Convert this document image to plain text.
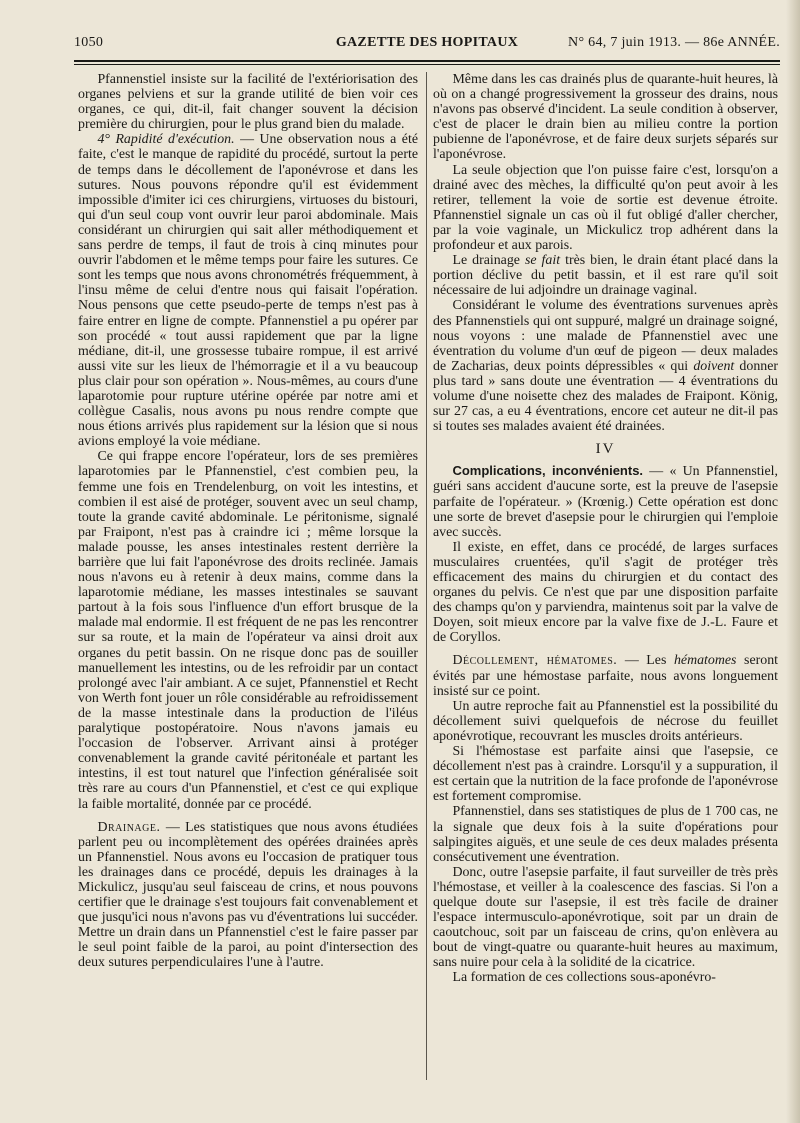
GAZETTE DES HOPITAUX
1050	N° 64, 7 juin 1913. — 86e ANNÉE.

Pfannenstiel insiste sur la facilité de l'extériorisation des organes pelviens et sur la grande utilité de bien voir ces organes, ce qui, dit-il, fait changer souvent la décision première du chirurgien, pour le plus grand bien du malade.

4° Rapidité d'exécution. — Une observation nous a été faite, c'est le manque de rapidité du procédé, surtout la perte de temps dans le décollement de l'aponévrose et dans les sutures. Nous pouvons répondre qu'il est évidemment impossible d'imiter ici ces chirurgiens, virtuoses du bistouri, qui d'un seul coup vont ouvrir leur paroi abdominale. Mais considérant un chirurgien qui sait aller méthodiquement et sans perdre de temps, il faut de trois à cinq minutes pour ouvrir l'abdomen et le même temps pour faire les sutures. Ce sont les temps que nous avons chronométrés fréquemment, à l'insu même de celui d'entre nous qui faisait l'opération. Nous pensons que cette pseudo-perte de temps n'est pas à faire entrer en ligne de compte. Pfannenstiel a pu opérer par son procédé « tout aussi rapidement que par la ligne médiane, dit-il, une grossesse tubaire rompue, il est arrivé aussi vite sur les lieux de l'hémorragie et il a vu beaucoup plus clair pour son opération ». Nous-mêmes, au cours d'une laparotomie pour rupture utérine opérée par notre ami et collègue Casalis, nous avons pu nous rendre compte que nous étions arrivés plus rapidement sur la lésion que si nous avions employé la voie médiane.

Ce qui frappe encore l'opérateur, lors de ses premières laparotomies par le Pfannenstiel, c'est combien peu, la femme une fois en Trendelenburg, on voit les intestins, et combien il est aisé de protéger, souvent avec un seul champ, toute la grande cavité abdominale. Le péritonisme, signalé par Fraipont, n'est pas à craindre ici ; même lorsque la malade pousse, les anses intestinales restent derrière la barrière que lui fait l'aponévrose des droits reclinée. Jamais nous n'avons eu à retenir à deux mains, comme dans la laparotomie médiane, les masses intestinales se sauvant partout à la fois sous l'influence d'un effort brusque de la malade mal endormie. Il est fréquent de ne pas les rencontrer sur sa route, et la main de l'opérateur va ainsi droit aux organes du petit bassin. On ne risque donc pas de souiller manuellement les intestins, ou de les refroidir par un contact prolongé avec l'air ambiant. A ce sujet, Pfannenstiel et Recht von Werth font jouer un rôle considérable au refroidissement de la masse intestinale dans la production de l'iléus paralytique postopératoire. Nous n'avons jamais eu l'occasion de l'observer. Arrivant ainsi à protéger convenablement la grande cavité péritonéale et partant les intestins, il est tout naturel que l'infection généralisée soit très rare au cours d'un Pfannenstiel, et c'est ce qui explique la faible mortalité, donnée par ce procédé.

Drainage. — Les statistiques que nous avons étudiées parlent peu ou incomplètement des opérées drainées après un Pfannenstiel. Nous avons eu l'occasion de pratiquer tous les drainages dans ce procédé, depuis les drainages à la Mickulicz, jusqu'au seul faisceau de crins, et nous pouvons certifier que le drainage s'est toujours fait convenablement et que jusqu'ici nous n'avons pas vu d'éventrations lui succéder. Mettre un drain dans un Pfannenstiel c'est le faire passer par le seul point faible de la paroi, au point d'intersection des deux sutures perpendiculaires l'une à l'autre.

Même dans les cas drainés plus de quarante-huit heures, là où on a changé progressivement la grosseur des drains, nous n'avons pas observé d'incident. La seule condition à observer, c'est de placer le drain bien au milieu contre la portion pubienne de l'aponévrose, et de faire deux surjets séparés sur l'aponévrose.

La seule objection que l'on puisse faire c'est, lorsqu'on a drainé avec des mèches, la difficulté qu'on peut avoir à les retirer, tellement la voie de sortie est devenue étroite. Pfannenstiel signale un cas où il fut obligé d'aller chercher, par la voie vaginale, un Mickulicz trop adhérent dans la profondeur et aux parois.

Le drainage se fait très bien, le drain étant placé dans la portion déclive du petit bassin, et il est rare qu'il soit nécessaire de lui adjoindre un drainage vaginal.

Considérant le volume des éventrations survenues après des Pfannenstiels qui ont suppuré, malgré un drainage soigné, nous voyons : une malade de Pfannenstiel avec une éventration du volume d'un œuf de pigeon — deux malades de Zacharias, deux points dépressibles « qui doivent donner plus tard » sans doute une éventration — 4 éventrations du volume d'une noisette chez des malades de Fraipont. König, sur 27 cas, a eu 4 éventrations, encore cet auteur ne dit-il pas si toutes ses malades avaient été drainées.

IV

Complications, inconvénients. — « Un Pfannenstiel, guéri sans accident d'aucune sorte, est la preuve de l'asepsie parfaite de l'opérateur. » (Krœnig.) Cette opération est donc une sorte de brevet d'asepsie pour le chirurgien qui l'emploie avec succès.

Il existe, en effet, dans ce procédé, de larges surfaces musculaires cruentées, qu'il s'agit de protéger très efficacement des mains du chirurgien et du contact des organes du pelvis. Ce n'est que par une disposition parfaite des champs qu'on y parviendra, maintenus soit par la valve de Doyen, soit mieux encore par la valve fixe de J.-L. Faure et de Coryllos.

Décollement, hématomes. — Les hématomes seront évités par une hémostase parfaite, nous avons longuement insisté sur ce point.

Un autre reproche fait au Pfannenstiel est la possibilité du décollement suivi quelquefois de nécrose du feuillet aponévrotique, recouvrant les muscles droits antérieurs.

Si l'hémostase est parfaite ainsi que l'asepsie, ce décollement n'est pas à craindre. Lorsqu'il y a suppuration, il est certain que la nutrition de la face profonde de l'aponévrose est fortement compromise.

Pfannenstiel, dans ses statistiques de plus de 1 700 cas, ne la signale que deux fois à la suite d'opérations pour salpingites aiguës, et une seule de ces deux malades présenta consécutivement une éventration.

Donc, outre l'asepsie parfaite, il faut surveiller de très près l'hémostase, et veiller à la coalescence des fascias. Si l'on a quelque doute sur l'asepsie, il est très facile de drainer l'espace intermusculo-aponévrotique, soit par un drain de caoutchouc, soit par un faisceau de crins, qu'on enlèvera au bout de vingt-quatre ou quarante-huit heures au maximum, sans nuire pour cela à la solidité de la cicatrice.

La formation de ces collections sous-aponévro-
